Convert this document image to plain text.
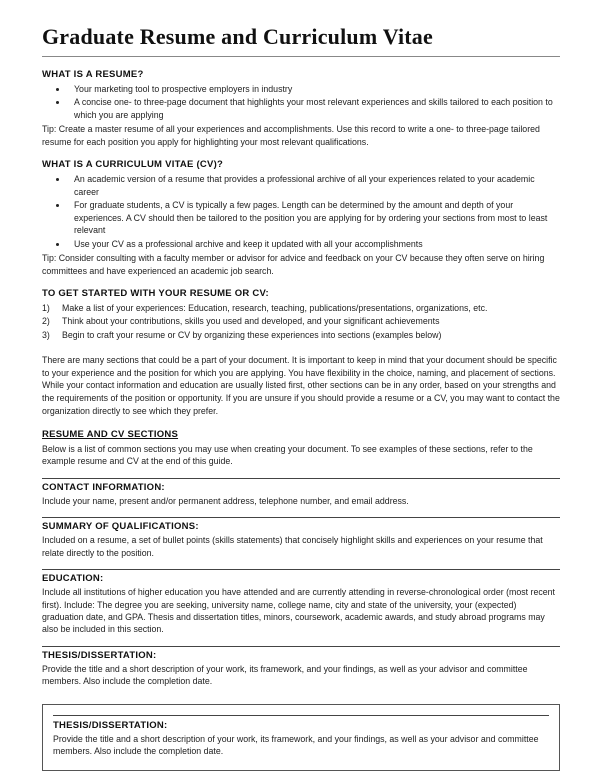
Graduate Resume and Curriculum Vitae
WHAT IS A RESUME?
• Your marketing tool to prospective employers in industry
• A concise one- to three-page document that highlights your most relevant experiences and skills tailored to each position to which you are applying

Tip: Create a master resume of all your experiences and accomplishments. Use this record to write a one- to three-page tailored resume for each position you apply for highlighting your most relevant qualifications.

WHAT IS A CURRICULUM VITAE (CV)?
• An academic version of a resume that provides a professional archive of all your experiences related to your academic career
• For graduate students, a CV is typically a few pages. Length can be determined by the amount and depth of your experiences. A CV should then be tailored to the position you are applying for by ordering your sections from most to least relevant
• Use your CV as a professional archive and keep it updated with all your accomplishments

Tip: Consider consulting with a faculty member or advisor for advice and feedback on your CV because they often serve on hiring committees and have experienced an academic job search.

TO GET STARTED WITH YOUR RESUME OR CV:
1)	Make a list of your experiences: Education, research, teaching, publications/presentations, organizations, etc.
2)	Think about your contributions, skills you used and developed, and your significant achievements
3)	Begin to craft your resume or CV by organizing these experiences into sections (examples below)

There are many sections that could be a part of your document. It is important to keep in mind that your document should be specific to your experience and the position for which you are applying. You have flexibility in the choice, naming, and placement of sections. While your contact information and education are usually listed first, other sections can be in any order, based on your strengths and the requirements of the position or opportunity. If you are unsure if you should provide a resume or a CV, you may want to contact the organization directly to see which they prefer.

RESUME AND CV SECTIONS

Below is a list of common sections you may use when creating your document. To see examples of these sections, refer to the example resume and CV at the end of this guide.

CONTACT INFORMATION:

Include your name, present and/or permanent address, telephone number, and email address.

SUMMARY OF QUALIFICATIONS:

Included on a resume, a set of bullet points (skills statements) that concisely highlight skills and experiences on your resume that relate directly to the position.

EDUCATION:

Include all institutions of higher education you have attended and are currently attending in reverse-chronological order (most recent first). Include: The degree you are seeking, university name, college name, city and state of the university, your (expected) graduation date, and GPA. Thesis and dissertation titles, minors, coursework, academic awards, and study abroad programs may also be included in this section.

THESIS/DISSERTATION:

Provide the title and a short description of your work, its framework, and your findings, as well as your advisor and committee members. Also include the completion date.

THESIS/DISSERTATION:

Provide the title and a short description of your work, its framework, and your findings, as well as your advisor and committee members. Also include the completion date.
